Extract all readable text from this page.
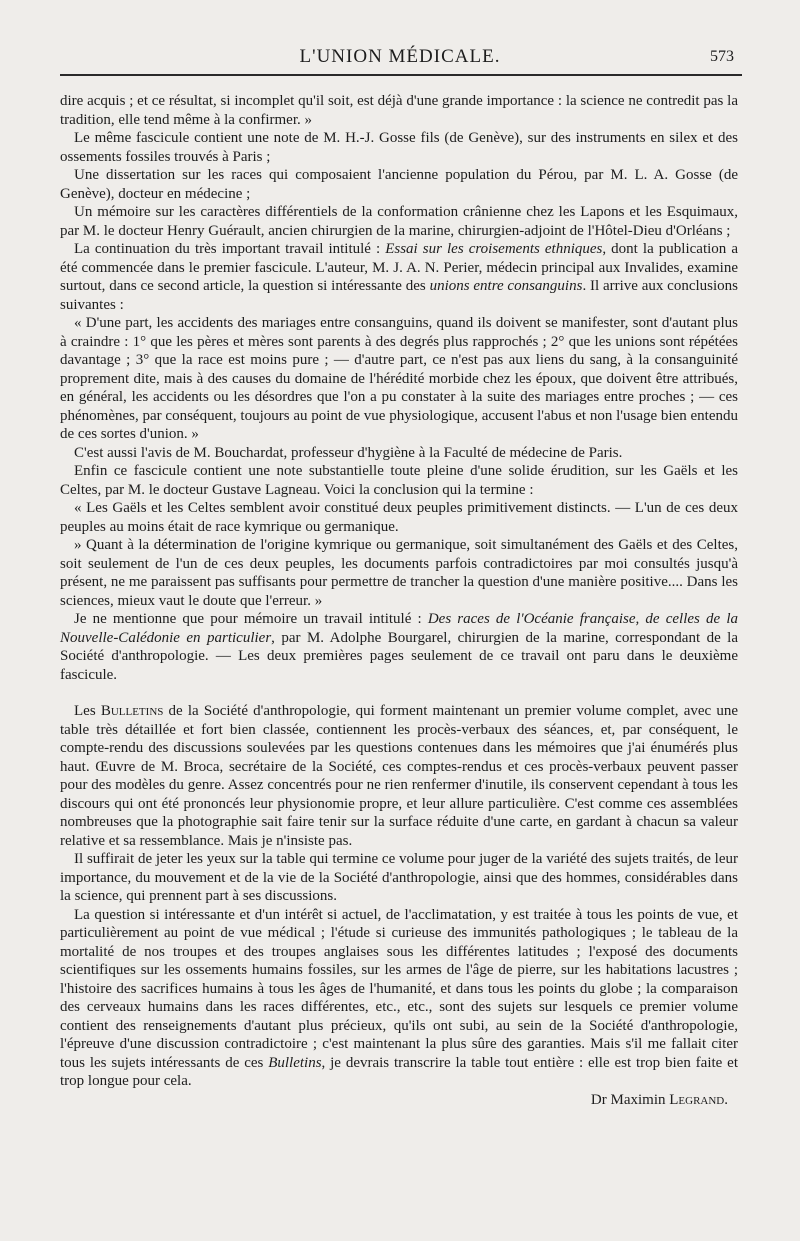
L'UNION MÉDICALE.	573

dire acquis ; et ce résultat, si incomplet qu'il soit, est déjà d'une grande importance : la science ne contredit pas la tradition, elle tend même à la confirmer. »

Le même fascicule contient une note de M. H.-J. Gosse fils (de Genève), sur des instruments en silex et des ossements fossiles trouvés à Paris ;

Une dissertation sur les races qui composaient l'ancienne population du Pérou, par M. L. A. Gosse (de Genève), docteur en médecine ;

Un mémoire sur les caractères différentiels de la conformation crânienne chez les Lapons et les Esquimaux, par M. le docteur Henry Guérault, ancien chirurgien de la marine, chirurgien-adjoint de l'Hôtel-Dieu d'Orléans ;

La continuation du très important travail intitulé : Essai sur les croisements ethniques, dont la publication a été commencée dans le premier fascicule. L'auteur, M. J. A. N. Perier, médecin principal aux Invalides, examine surtout, dans ce second article, la question si intéressante des unions entre consanguins. Il arrive aux conclusions suivantes :

« D'une part, les accidents des mariages entre consanguins, quand ils doivent se manifester, sont d'autant plus à craindre : 1° que les pères et mères sont parents à des degrés plus rapprochés ; 2° que les unions sont répétées davantage ; 3° que la race est moins pure ; — d'autre part, ce n'est pas aux liens du sang, à la consanguinité proprement dite, mais à des causes du domaine de l'hérédité morbide chez les époux, que doivent être attribués, en général, les accidents ou les désordres que l'on a pu constater à la suite des mariages entre proches ; — ces phénomènes, par conséquent, toujours au point de vue physiologique, accusent l'abus et non l'usage bien entendu de ces sortes d'union. »

C'est aussi l'avis de M. Bouchardat, professeur d'hygiène à la Faculté de médecine de Paris.

Enfin ce fascicule contient une note substantielle toute pleine d'une solide érudition, sur les Gaëls et les Celtes, par M. le docteur Gustave Lagneau. Voici la conclusion qui la termine :

« Les Gaëls et les Celtes semblent avoir constitué deux peuples primitivement distincts. — L'un de ces deux peuples au moins était de race kymrique ou germanique.

» Quant à la détermination de l'origine kymrique ou germanique, soit simultanément des Gaëls et des Celtes, soit seulement de l'un de ces deux peuples, les documents parfois contradictoires par moi consultés jusqu'à présent, ne me paraissent pas suffisants pour permettre de trancher la question d'une manière positive.... Dans les sciences, mieux vaut le doute que l'erreur. »

Je ne mentionne que pour mémoire un travail intitulé : Des races de l'Océanie française, de celles de la Nouvelle-Calédonie en particulier, par M. Adolphe Bourgarel, chirurgien de la marine, correspondant de la Société d'anthropologie. — Les deux premières pages seulement de ce travail ont paru dans le deuxième fascicule.

Les Bulletins de la Société d'anthropologie, qui forment maintenant un premier volume complet, avec une table très détaillée et fort bien classée, contiennent les procès-verbaux des séances, et, par conséquent, le compte-rendu des discussions soulevées par les questions contenues dans les mémoires que j'ai énumérés plus haut. Œuvre de M. Broca, secrétaire de la Société, ces comptes-rendus et ces procès-verbaux peuvent passer pour des modèles du genre. Assez concentrés pour ne rien renfermer d'inutile, ils conservent cependant à tous les discours qui ont été prononcés leur physionomie propre, et leur allure particulière. C'est comme ces assemblées nombreuses que la photographie sait faire tenir sur la surface réduite d'une carte, en gardant à chacun sa valeur relative et sa ressemblance. Mais je n'insiste pas.

Il suffirait de jeter les yeux sur la table qui termine ce volume pour juger de la variété des sujets traités, de leur importance, du mouvement et de la vie de la Société d'anthropologie, ainsi que des hommes, considérables dans la science, qui prennent part à ses discussions.

La question si intéressante et d'un intérêt si actuel, de l'acclimatation, y est traitée à tous les points de vue, et particulièrement au point de vue médical ; l'étude si curieuse des immunités pathologiques ; le tableau de la mortalité de nos troupes et des troupes anglaises sous les différentes latitudes ; l'exposé des documents scientifiques sur les ossements humains fossiles, sur les armes de l'âge de pierre, sur les habitations lacustres ; l'histoire des sacrifices humains à tous les âges de l'humanité, et dans tous les points du globe ; la comparaison des cerveaux humains dans les races différentes, etc., etc., sont des sujets sur lesquels ce premier volume contient des renseignements d'autant plus précieux, qu'ils ont subi, au sein de la Société d'anthropologie, l'épreuve d'une discussion contradictoire ; c'est maintenant la plus sûre des garanties. Mais s'il me fallait citer tous les sujets intéressants de ces Bulletins, je devrais transcrire la table tout entière : elle est trop bien faite et trop longue pour cela.

Dr Maximin Legrand.
